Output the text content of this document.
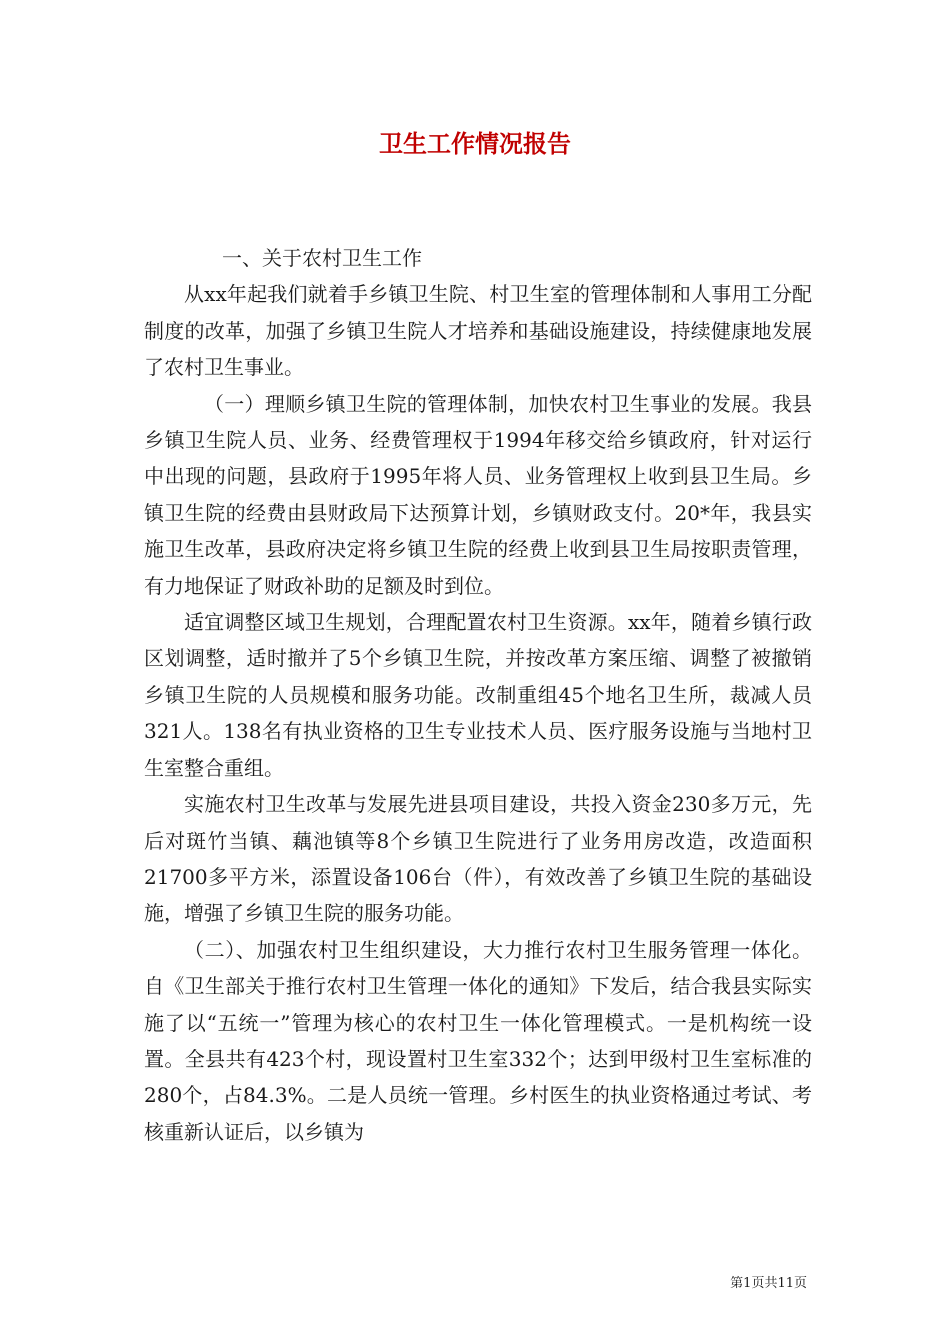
卫生工作情况报告

一、关于农村卫生工作

从xx年起我们就着手乡镇卫生院、村卫生室的管理体制和人事用工分配制度的改革，加强了乡镇卫生院人才培养和基础设施建设，持续健康地发展了农村卫生事业。

（一）理顺乡镇卫生院的管理体制，加快农村卫生事业的发展。我县乡镇卫生院人员、业务、经费管理权于1994年移交给乡镇政府，针对运行中出现的问题，县政府于1995年将人员、业务管理权上收到县卫生局。乡镇卫生院的经费由县财政局下达预算计划，乡镇财政支付。20*年，我县实施卫生改革，县政府决定将乡镇卫生院的经费上收到县卫生局按职责管理，有力地保证了财政补助的足额及时到位。

适宜调整区域卫生规划，合理配置农村卫生资源。xx年，随着乡镇行政区划调整，适时撤并了5个乡镇卫生院，并按改革方案压缩、调整了被撤销乡镇卫生院的人员规模和服务功能。改制重组45个地名卫生所，裁减人员321人。138名有执业资格的卫生专业技术人员、医疗服务设施与当地村卫生室整合重组。

实施农村卫生改革与发展先进县项目建设，共投入资金230多万元，先后对斑竹当镇、藕池镇等8个乡镇卫生院进行了业务用房改造，改造面积21700多平方米，添置设备106台（件），有效改善了乡镇卫生院的基础设施，增强了乡镇卫生院的服务功能。

（二）、加强农村卫生组织建设，大力推行农村卫生服务管理一体化。自《卫生部关于推行农村卫生管理一体化的通知》下发后，结合我县实际实施了以“五统一”管理为核心的农村卫生一体化管理模式。一是机构统一设置。全县共有423个村，现设置村卫生室332个；达到甲级村卫生室标准的280个，占84.3%。二是人员统一管理。乡村医生的执业资格通过考试、考核重新认证后，以乡镇为

第1页共11页
